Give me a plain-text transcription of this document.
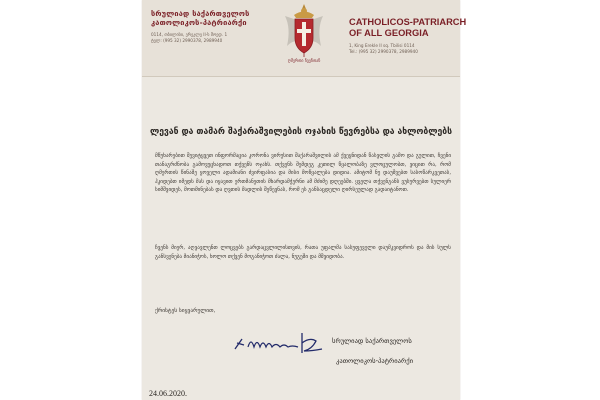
სრულიად საქართველოს
კათოლიკოს-პატრიარქი
0114, თბილისი, ერეკლე II-ს მოედ. 1
ტელ: (995 32) 2990378, 2989940
ღმერთი ჩვენთან
CATHOLICOS-PATRIARCH
OF ALL GEORGIA
1, King Erekle II sq. Tbilisi 0114
Tel.: (995 32) 2990378, 2989940
ლევან და თამარ შაქარაშვილების ოჯახის წევრებსა და ახლობლებს
მწუხარებით შევიტყვეთ ინფორმაცია კორონა ვირუსით შაქარაშვილის ამ ქვეყნიდან წასვლის გამო და გულით, ჩვენი თანაგრძნობა გამოვუცხადოთ თქვენს ოჯახს. თქვენს შემდეგ კეთილ წყალობაზე ვლოცულობთ, ვიცით რა, რომ ღმერთის წინაშე ყოველი ადამიანი ძვირფასია და მისი მოწყალება დიდია. ამიტომ ნუ დაუშვებთ სასოწარკვეთას, ჰკიდებთ იმედს მას და იყავით ერთმანეთის მხარდამჭერნი ამ მძიმე დღეებში. ყველა თქვენგანს ვუსურვებთ სულიერ სიმშვიდეს, მოთმინებას და ღვთის მადლის შეწევნას, რომ ეს განსაცდელი ღირსეულად გადაიტანოთ.
ჩვენს მიერ, აღვავლენთ ლოცვებს გარდაცვლილისთვის, რათა უფალმა სასუფეველი დაუმკვიდროს და მის სულს განსვენება მიანიჭოს, ხოლო თქვენ მოგანიჭოთ ძალა, ნუგეში და მშვიდობა.
ქრისტეს სიყვარულით,
სრულიად საქართველოს
კათოლიკოს-პატრიარქი
24.06.2020.
